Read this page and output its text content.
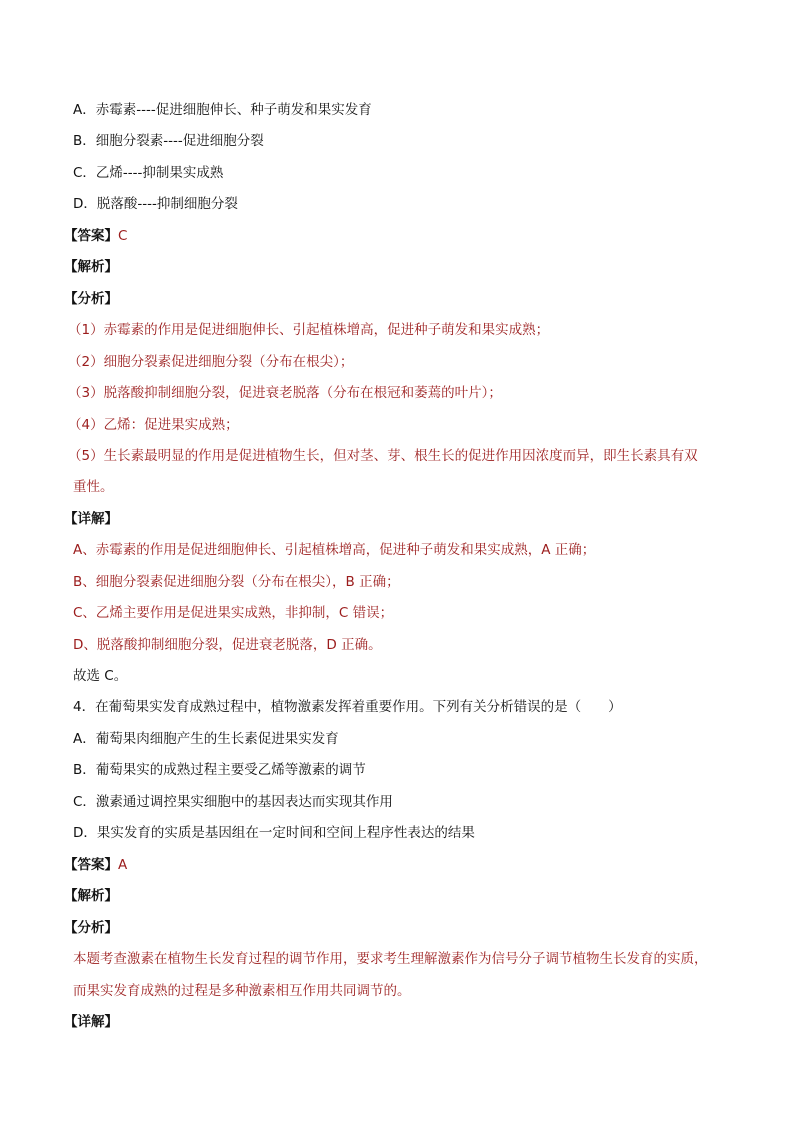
A．赤霉素----促进细胞伸长、种子萌发和果实发育
B．细胞分裂素----促进细胞分裂
C．乙烯----抑制果实成熟
D．脱落酸----抑制细胞分裂
【答案】C
【解析】
【分析】
（1）赤霉素的作用是促进细胞伸长、引起植株增高，促进种子萌发和果实成熟；
（2）细胞分裂素促进细胞分裂（分布在根尖）；
（3）脱落酸抑制细胞分裂，促进衰老脱落（分布在根冠和萎蔫的叶片）；
（4）乙烯：促进果实成熟；
（5）生长素最明显的作用是促进植物生长，但对茎、芽、根生长的促进作用因浓度而异，即生长素具有双
重性。
【详解】
A、赤霉素的作用是促进细胞伸长、引起植株增高，促进种子萌发和果实成熟，A 正确；
B、细胞分裂素促进细胞分裂（分布在根尖），B 正确；
C、乙烯主要作用是促进果实成熟，非抑制，C 错误；
D、脱落酸抑制细胞分裂，促进衰老脱落，D 正确。
故选 C。
4．在葡萄果实发育成熟过程中，植物激素发挥着重要作用。下列有关分析错误的是（　　）
A．葡萄果肉细胞产生的生长素促进果实发育
B．葡萄果实的成熟过程主要受乙烯等激素的调节
C．激素通过调控果实细胞中的基因表达而实现其作用
D．果实发育的实质是基因组在一定时间和空间上程序性表达的结果
【答案】A
【解析】
【分析】
本题考查激素在植物生长发育过程的调节作用，要求考生理解激素作为信号分子调节植物生长发育的实质，
而果实发育成熟的过程是多种激素相互作用共同调节的。
【详解】
